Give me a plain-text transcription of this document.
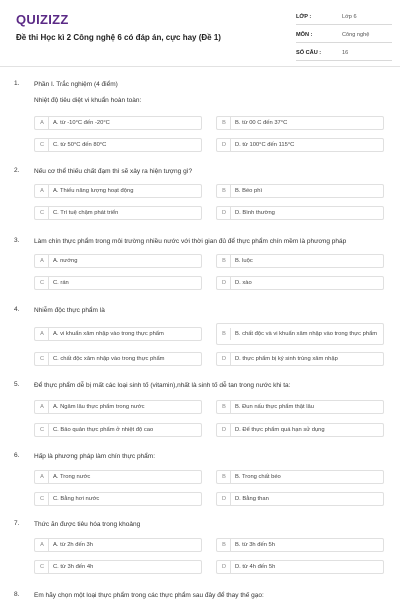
QUIZIZZ
Đề thi Học kì 2 Công nghệ 6 có đáp án, cực hay (Đề 1)
LỚP :	Lớp 6
MÔN :	Công nghệ
SỐ CÂU :	16
1. Phần I. Trắc nghiệm (4 điểm)
Nhiệt độ tiêu diệt vi khuẩn hoàn toàn:
A	A. từ -10°C đến -20°C	B	B. từ 00 C đến 37°C
C	C. từ 50°C đến 80°C	D	D. từ 100°C đến 115°C
2. Nếu cơ thể thiếu chất đạm thì sẽ xảy ra hiện tượng gì?
A	A. Thiếu năng lượng hoạt động	B	B. Béo phì
C	C. Trí tuệ chậm phát triển	D	D. Bình thường
3. Làm chín thực phẩm trong môi trường nhiều nước với thời gian đủ để thực phẩm chín mềm là phương pháp
A	A. nướng	B	B. luộc
C	C. rán	D	D. xào
4. Nhiễm độc thực phẩm là
A	A. vi khuẩn xâm nhập vào trong thực phẩm	B	B. chất độc và vi khuẩn xâm nhập vào trong thực phẩm
C	C. chất độc xâm nhập vào trong thực phẩm	D	D. thực phẩm bị ký sinh trùng xâm nhập
5. Để thực phẩm dễ bị mất các loại sinh tố (vitamin),nhất là sinh tố dễ tan trong nước khi ta:
A	A. Ngâm lâu thực phẩm trong nước	B	B. Đun nấu thực phẩm thật lâu
C	C. Bảo quản thực phẩm ở nhiệt độ cao	D	D. Để thực phẩm quá hạn sử dụng
6. Hấp là phương pháp làm chín thực phẩm:
A	A. Trong nước	B	B. Trong chất béo
C	C. Bằng hơi nước	D	D. Bằng than
7. Thức ăn được tiêu hóa trong khoảng
A	A. từ 2h đến 3h	B	B. từ 3h đến 5h
C	C. từ 3h đến 4h	D	D. từ 4h đến 5h
8. Em hãy chọn một loại thực phẩm trong các thực phẩm sau đây để thay thế gạo:
